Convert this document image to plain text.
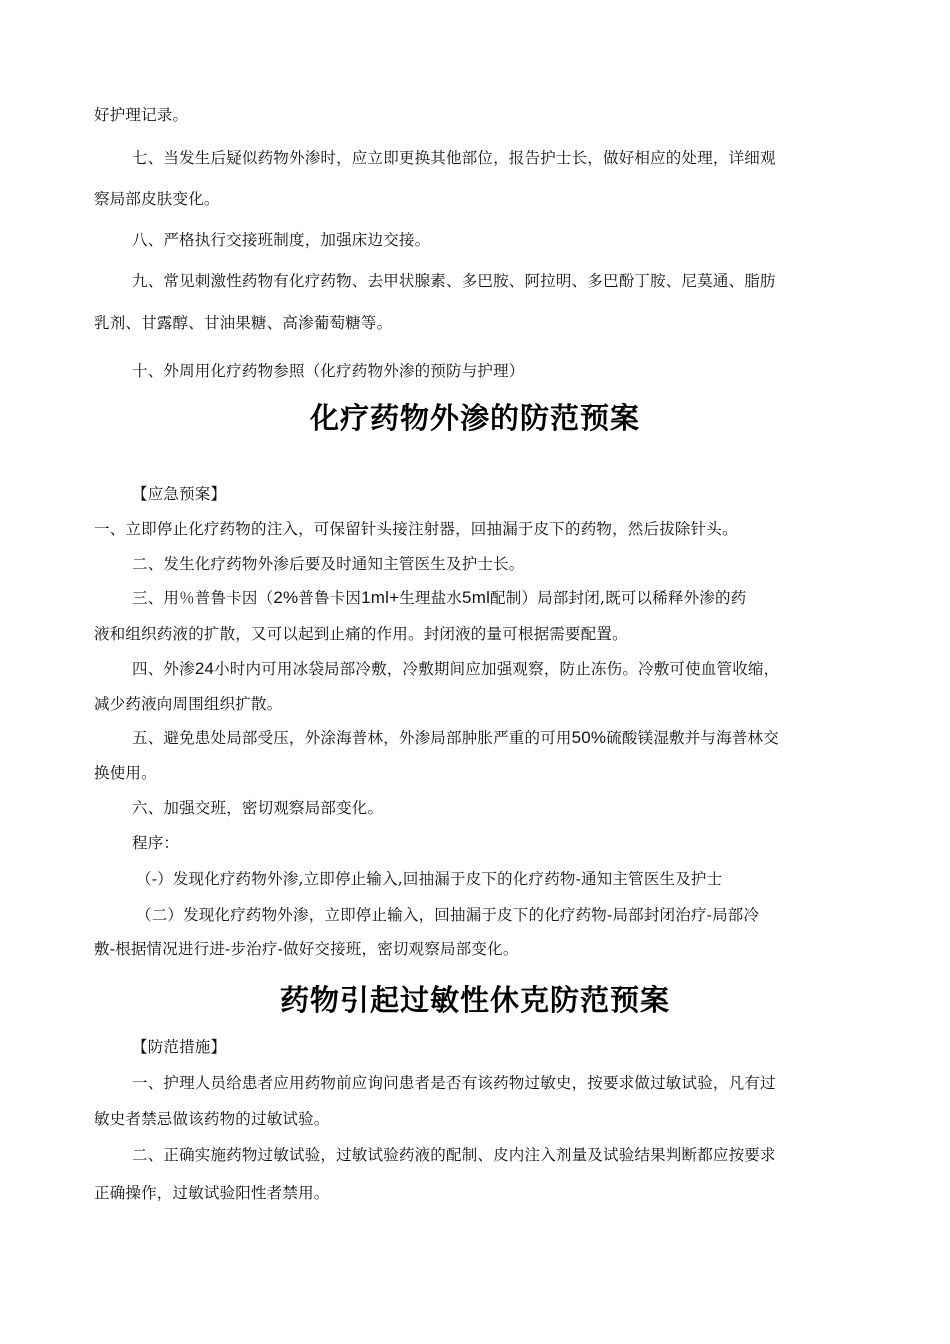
好护理记录。
七、当发生后疑似药物外渗时，应立即更换其他部位，报告护士长，做好相应的处理，详细观
察局部皮肤变化。
八、严格执行交接班制度，加强床边交接。
九、常见刺激性药物有化疗药物、去甲状腺素、多巴胺、阿拉明、多巴酚丁胺、尼莫通、脂肪
乳剂、甘露醇、甘油果糖、高渗葡萄糖等。
十、外周用化疗药物参照（化疗药物外渗的预防与护理）
化疗药物外渗的防范预案
【应急预案】
一、立即停止化疗药物的注入，可保留针头接注射器，回抽漏于皮下的药物，然后拔除针头。
二、发生化疗药物外渗后要及时通知主管医生及护士长。
三、用％普鲁卡因（2%普鲁卡因1ml+生理盐水5ml配制）局部封闭,既可以稀释外渗的药
液和组织药液的扩散，又可以起到止痛的作用。封闭液的量可根据需要配置。
四、外渗24小时内可用冰袋局部冷敷，冷敷期间应加强观察，防止冻伤。冷敷可使血管收缩，
减少药液向周围组织扩散。
五、避免患处局部受压，外涂海普林，外渗局部肿胀严重的可用50%硫酸镁湿敷并与海普林交
换使用。
六、加强交班，密切观察局部变化。
程序：
（-）发现化疗药物外渗,立即停止输入,回抽漏于皮下的化疗药物-通知主管医生及护士
（二）发现化疗药物外渗，立即停止输入，回抽漏于皮下的化疗药物-局部封闭治疗-局部冷
敷-根据情况进行进-步治疗-做好交接班，密切观察局部变化。
药物引起过敏性休克防范预案
【防范措施】
一、护理人员给患者应用药物前应询问患者是否有该药物过敏史，按要求做过敏试验，凡有过
敏史者禁忌做该药物的过敏试验。
二、正确实施药物过敏试验，过敏试验药液的配制、皮内注入剂量及试验结果判断都应按要求
正确操作，过敏试验阳性者禁用。
